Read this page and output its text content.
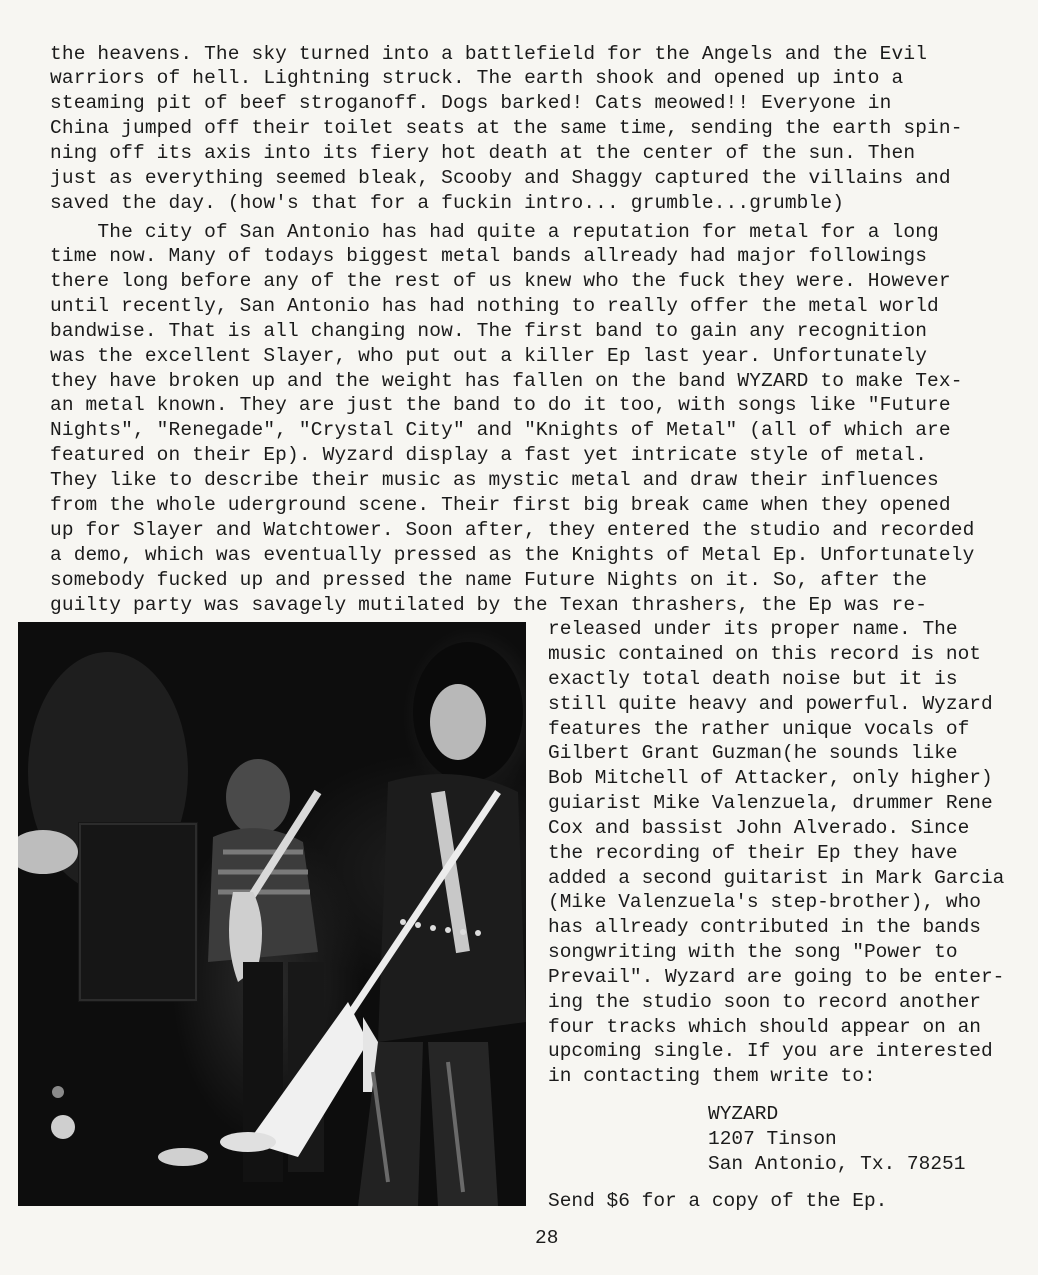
the heavens. The sky turned into a battlefield for the Angels and the Evil
warriors of hell. Lightning struck. The earth shook and opened up into a
steaming pit of beef stroganoff. Dogs barked! Cats meowed!! Everyone in
China jumped off their toilet seats at the same time, sending the earth spin-
ning off its axis into its fiery hot death at the center of the sun. Then
just as everything seemed bleak, Scooby and Shaggy captured the villains and
saved the day. (how's that for a fuckin intro... grumble...grumble)
The city of San Antonio has had quite a reputation for metal for a long
time now. Many of todays biggest metal bands allready had major followings
there long before any of the rest of us knew who the fuck they were. However
until recently, San Antonio has had nothing to really offer the metal world
bandwise. That is all changing now. The first band to gain any recognition
was the excellent Slayer, who put out a killer Ep last year. Unfortunately
they have broken up and the weight has fallen on the band WYZARD to make Tex-
an metal known. They are just the band to do it too, with songs like "Future
Nights", "Renegade", "Crystal City" and "Knights of Metal" (all of which are
featured on their Ep). Wyzard display a fast yet intricate style of metal.
They like to describe their music as mystic metal and draw their influences
from the whole uderground scene. Their first big break came when they opened
up for Slayer and Watchtower. Soon after, they entered the studio and recorded
a demo, which was eventually pressed as the Knights of Metal Ep. Unfortunately
somebody fucked up and pressed the name Future Nights on it. So, after the
guilty party was savagely mutilated by the Texan thrashers, the Ep was re-
released under its proper name. The
music contained on this record is not
exactly total death noise but it is
still quite heavy and powerful. Wyzard
features the rather unique vocals of
Gilbert Grant Guzman(he sounds like
Bob Mitchell of Attacker, only higher)
guiarist Mike Valenzuela, drummer Rene
Cox and bassist John Alverado. Since
the recording of their Ep they have
added a second guitarist in Mark Garcia
(Mike Valenzuela's step-brother), who
has allready contributed in the bands
songwriting with the song "Power to
Prevail". Wyzard are going to be enter-
ing the studio soon to record another
four tracks which should appear on an
upcoming single. If you are interested
in contacting them write to:
WYZARD
1207 Tinson
San Antonio, Tx. 78251
Send $6 for a copy of the Ep.
28
